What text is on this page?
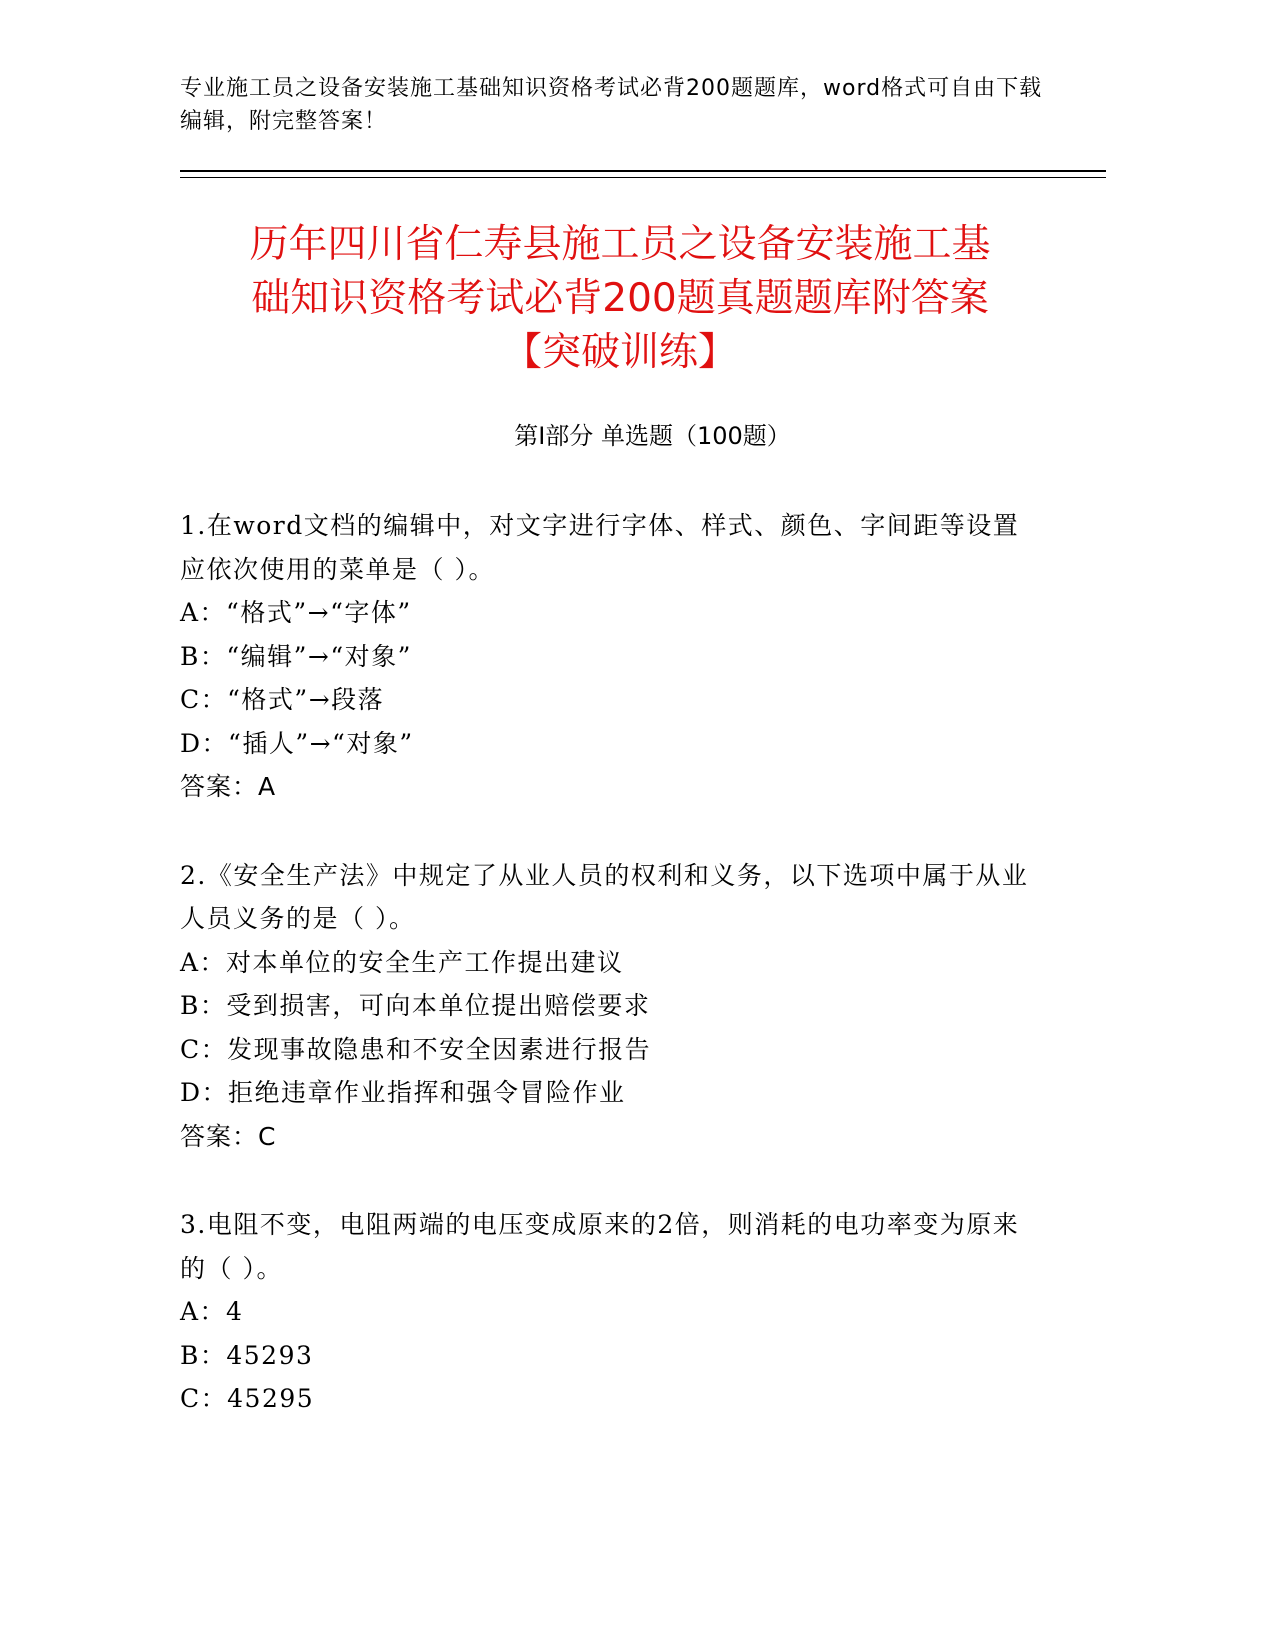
专业施工员之设备安装施工基础知识资格考试必背200题题库，word格式可自由下载编辑，附完整答案！
历年四川省仁寿县施工员之设备安装施工基
础知识资格考试必背200题真题题库附答案
【突破训练】
第Ⅰ部分 单选题（100题）

1.在word文档的编辑中，对文字进行字体、样式、颜色、字间距等设置应依次使用的菜单是（ ）。

A：“格式”→“字体”

B：“编辑”→“对象”

C：“格式”→段落

D：“插人”→“对象”

答案：A

2.《安全生产法》中规定了从业人员的权利和义务，以下选项中属于从业人员义务的是（ ）。

A：对本单位的安全生产工作提出建议

B：受到损害，可向本单位提出赔偿要求

C：发现事故隐患和不安全因素进行报告

D：拒绝违章作业指挥和强令冒险作业

答案：C

3.电阻不变，电阻两端的电压变成原来的2倍，则消耗的电功率变为原来的（ ）。

A：4

B：45293

C：45295
